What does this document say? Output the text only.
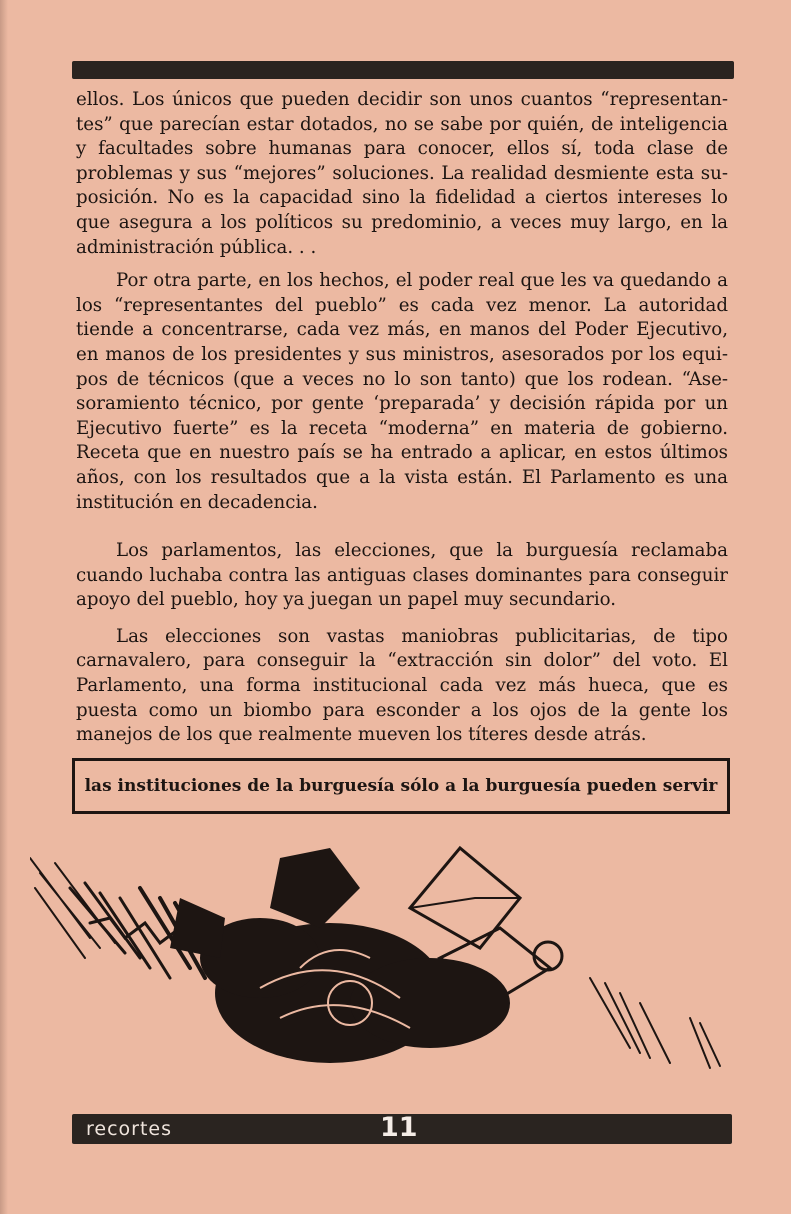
ellos. Los únicos que pueden decidir son unos cuantos “representantes” que parecían estar dotados, no se sabe por quién, de inteligencia y facultades sobre humanas para conocer, ellos sí, toda clase de problemas y sus “mejores” soluciones. La realidad desmiente esta suposición. No es la capacidad sino la fidelidad a ciertos intereses lo que asegura a los políticos su predominio, a veces muy largo, en la administración pública. . .

Por otra parte, en los hechos, el poder real que les va quedando a los “representantes del pueblo” es cada vez menor. La autoridad tiende a concentrarse, cada vez más, en manos del Poder Ejecutivo, en manos de los presidentes y sus ministros, asesorados por los equipos de técnicos (que a veces no lo son tanto) que los rodean. “Asesoramiento técnico, por gente ‘preparada’ y decisión rápida por un Ejecutivo fuerte” es la receta “moderna” en materia de gobierno. Receta que en nuestro país se ha entrado a aplicar, en estos últimos años, con los resultados que a la vista están. El Parlamento es una institución en decadencia.

Los parlamentos, las elecciones, que la burguesía reclamaba cuando luchaba contra las antiguas clases dominantes para conseguir apoyo del pueblo, hoy ya juegan un papel muy secundario.

Las elecciones son vastas maniobras publicitarias, de tipo carnavalero, para conseguir la “extracción sin dolor” del voto. El Parlamento, una forma institucional cada vez más hueca, que es puesta como un biombo para esconder a los ojos de la gente los manejos de los que realmente mueven los títeres desde atrás.

las instituciones de la burguesía sólo a la burguesía pueden servir
recortes	11
